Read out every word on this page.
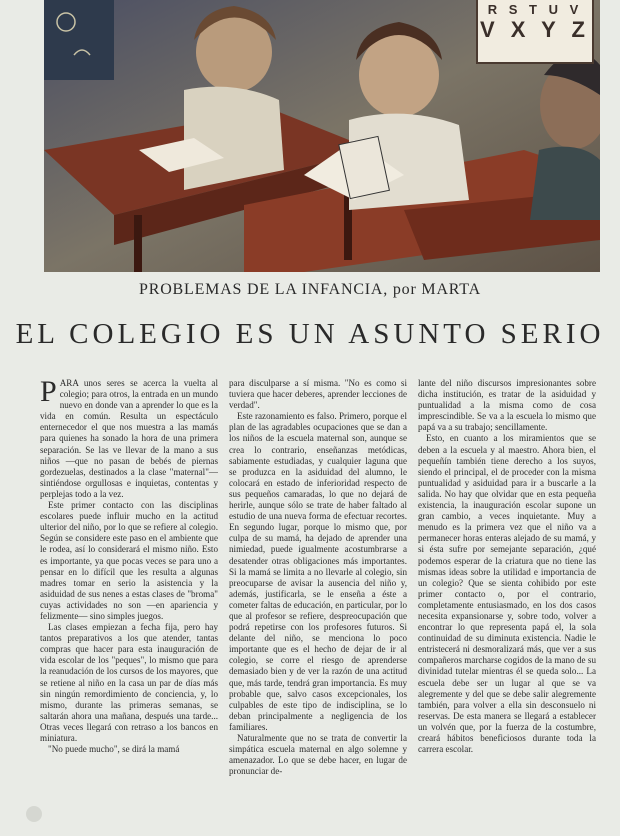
R S T U V
V X Y Z
PROBLEMAS DE LA INFANCIA, por MARTA
EL COLEGIO ES UN ASUNTO SERIO

PARA unos seres se acerca la vuelta al colegio; para otros, la entrada en un mundo nuevo en donde van a aprender lo que es la vida en común. Resulta un espectáculo enternecedor el que nos muestra a las mamás para quienes ha sonado la hora de una primera separación. Se las ve llevar de la mano a sus niños —que no pasan de bebés de piernas gordezuelas, destinados a la clase "maternal"— sintiéndose orgullosas e inquietas, contentas y perplejas todo a la vez.

Este primer contacto con las disciplinas escolares puede influir mucho en la actitud ulterior del niño, por lo que se refiere al colegio. Según se considere este paso en el ambiente que le rodea, así lo considerará el mismo niño. Esto es importante, ya que pocas veces se para uno a pensar en lo difícil que les resulta a algunas madres tomar en serio la asistencia y la asiduidad de sus nenes a estas clases de "broma" cuyas actividades no son —en apariencia y felizmente— sino simples juegos.

Las clases empiezan a fecha fija, pero hay tantos preparativos a los que atender, tantas compras que hacer para esta inauguración de vida escolar de los "peques", lo mismo que para la reanudación de los cursos de los mayores, que se retiene al niño en la casa un par de días más sin ningún remordimiento de conciencia, y, lo mismo, durante las primeras semanas, se saltarán ahora una mañana, después una tarde... Otras veces llegará con retraso a los bancos en miniatura.

"No puede mucho", se dirá la mamá

para disculparse a sí misma. "No es como si tuviera que hacer deberes, aprender lecciones de verdad".

Este razonamiento es falso. Primero, porque el plan de las agradables ocupaciones que se dan a los niños de la escuela maternal son, aunque se crea lo contrario, enseñanzas metódicas, sabiamente estudiadas, y cualquier laguna que se produzca en la asiduidad del alumno, le colocará en estado de inferioridad respecto de sus pequeños camaradas, lo que no dejará de herirle, aunque sólo se trate de haber faltado al estudio de una nueva forma de efectuar recortes. En segundo lugar, porque lo mismo que, por culpa de su mamá, ha dejado de aprender una nimiedad, puede igualmente acostumbrarse a desatender otras obligaciones más importantes. Si la mamá se limita a no llevarle al colegio, sin preocuparse de avisar la ausencia del niño y, además, justificarla, se le enseña a éste a cometer faltas de educación, en particular, por lo que al profesor se refiere, despreocupación que podrá repetirse con los profesores futuros. Si delante del niño, se menciona lo poco importante que es el hecho de dejar de ir al colegio, se corre el riesgo de aprenderse demasiado bien y de ver la razón de una actitud que, más tarde, tendrá gran importancia. Es muy probable que, salvo casos excepcionales, los culpables de este tipo de indisciplina, se lo deban principalmente a negligencia de los familiares.

Naturalmente que no se trata de convertir la simpática escuela maternal en algo solemne y amenazador. Lo que se debe hacer, en lugar de pronunciar de-

lante del niño discursos impresionantes sobre dicha institución, es tratar de la asiduidad y puntualidad a la misma como de cosa imprescindible. Se va a la escuela lo mismo que papá va a su trabajo; sencillamente.

Esto, en cuanto a los miramientos que se deben a la escuela y al maestro. Ahora bien, el pequeñín también tiene derecho a los suyos, siendo el principal, el de proceder con la misma puntualidad y asiduidad para ir a buscarle a la salida. No hay que olvidar que en esta pequeña existencia, la inauguración escolar supone un gran cambio, a veces inquietante. Muy a menudo es la primera vez que el niño va a permanecer horas enteras alejado de su mamá, y si ésta sufre por semejante separación, ¿qué podemos esperar de la criatura que no tiene las mismas ideas sobre la utilidad e importancia de un colegio? Que se sienta cohibido por este primer contacto o, por el contrario, completamente entusiasmado, en los dos casos necesita expansionarse y, sobre todo, volver a encontrar lo que representa papá el, la sola continuidad de su diminuta existencia. Nadie le entristecerá ni desmoralizará más, que ver a sus compañeros marcharse cogidos de la mano de su divinidad tutelar mientras él se queda solo... La escuela debe ser un lugar al que se va alegremente y del que se debe salir alegremente también, para volver a ella sin desconsuelo ni reservas. De esta manera se llegará a establecer un volvén que, por la fuerza de la costumbre, creará hábitos beneficiosos durante toda la carrera escolar.
